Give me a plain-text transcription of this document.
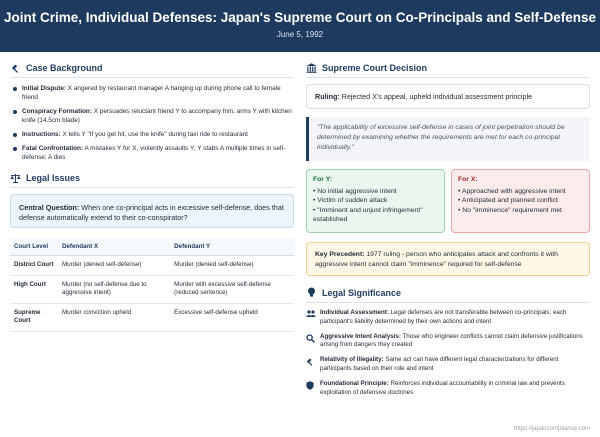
Joint Crime, Individual Defenses: Japan's Supreme Court on Co-Principals and Self-Defense
June 5, 1992
Case Background
Initial Dispute: X angered by restaurant manager A hanging up during phone call to female friend
Conspiracy Formation: X persuades reluctant friend Y to accompany him, arms Y with kitchen knife (14.5cm blade)
Instructions: X tells Y "If you get hit, use the knife" during taxi ride to restaurant
Fatal Confrontation: A mistakes Y for X, violently assaults Y; Y stabs A multiple times in self-defense; A dies
Legal Issues
Central Question: When one co-principal acts in excessive self-defense, does that defense automatically extend to their co-conspirator?
Court Level	Defendant X	Defendant Y
District Court	Murder (denied self-defense)	Murder (denied self-defense)
High Court	Murder (no self-defense due to aggressive intent)	Murder with excessive self-defense (reduced sentence)
Supreme Court	Murder conviction upheld	Excessive self-defense upheld
Supreme Court Decision
Ruling: Rejected X's appeal, upheld individual assessment principle
"The applicability of excessive self-defense in cases of joint perpetration should be determined by examining whether the requirements are met for each co-principal individually."
For Y:
• No initial aggressive intent
• Victim of sudden attack
• "Imminent and unjust infringement" established
For X:
• Approached with aggressive intent
• Anticipated and planned conflict
• No "imminence" requirement met
Key Precedent: 1977 ruling - person who anticipates attack and confronts it with aggressive intent cannot claim "imminence" required for self-defense
Legal Significance
Individual Assessment: Legal defenses are not transferable between co-principals; each participant's liability determined by their own actions and intent
Aggressive Intent Analysis: Those who engineer conflicts cannot claim defensive justifications arising from dangers they created
Relativity of Illegality: Same act can have different legal characterizations for different participants based on their role and intent
Foundational Principle: Reinforces individual accountability in criminal law and prevents exploitation of defensive doctrines
https://japancompliance.com
